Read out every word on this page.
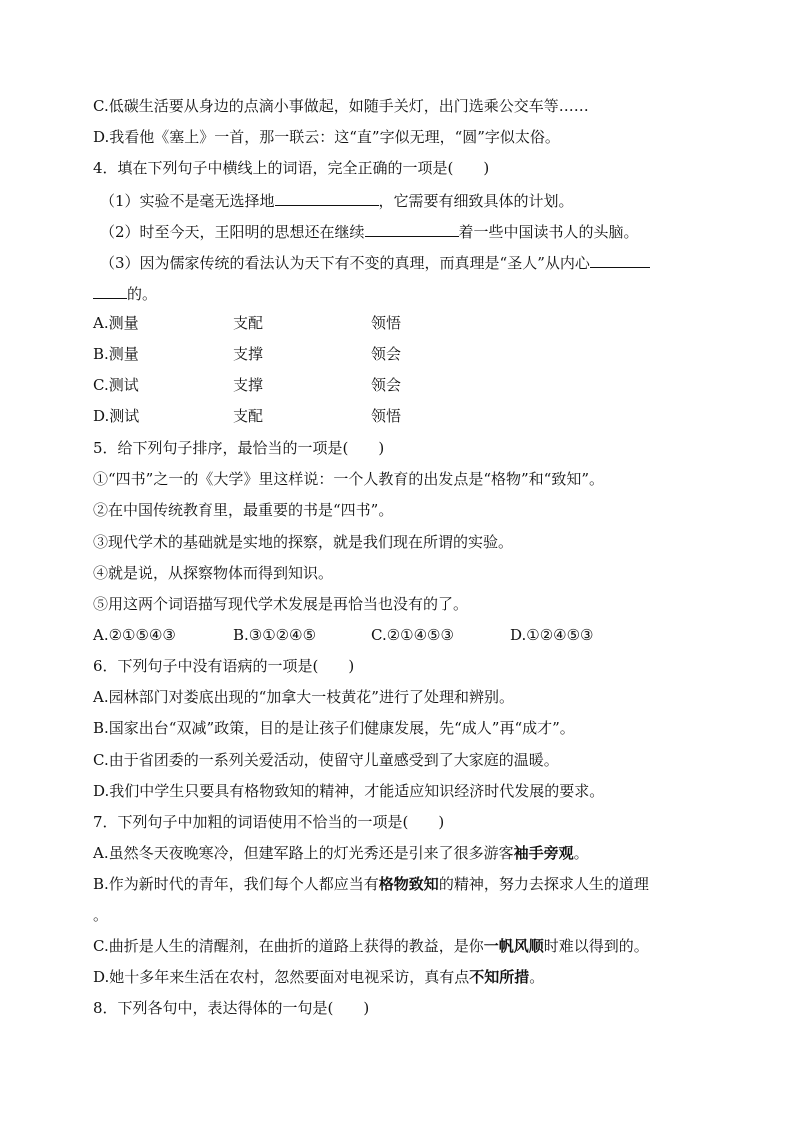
C.低碳生活要从身边的点滴小事做起，如随手关灯，出门选乘公交车等……
D.我看他《塞上》一首，那一联云：这“直”字似无理，“圆”字似太俗。
4．填在下列句子中横线上的词语，完全正确的一项是(　　)
（1）实验不是毫无选择地	，它需要有细致具体的计划。
（2）时至今天，王阳明的思想还在继续	着一些中国读书人的头脑。
（3）因为儒家传统的看法认为天下有不变的真理，而真理是“圣人”从内心
的。
A.测量	支配	领悟
B.测量	支撑	领会
C.测试	支撑	领会
D.测试	支配	领悟
5．给下列句子排序，最恰当的一项是(　　)
①“四书”之一的《大学》里这样说：一个人教育的出发点是“格物”和“致知”。
②在中国传统教育里，最重要的书是“四书”。
③现代学术的基础就是实地的探察，就是我们现在所谓的实验。
④就是说，从探察物体而得到知识。
⑤用这两个词语描写现代学术发展是再恰当也没有的了。
A.②①⑤④③	B.③①②④⑤	C.②①④⑤③	D.①②④⑤③
6．下列句子中没有语病的一项是(　　)
A.园林部门对娄底出现的“加拿大一枝黄花”进行了处理和辨别。
B.国家出台“双减”政策，目的是让孩子们健康发展，先“成人”再“成才”。
C.由于省团委的一系列关爱活动，使留守儿童感受到了大家庭的温暖。
D.我们中学生只要具有格物致知的精神，才能适应知识经济时代发展的要求。
7．下列句子中加粗的词语使用不恰当的一项是(　　)
A.虽然冬天夜晚寒冷，但建军路上的灯光秀还是引来了很多游客袖手旁观。
B.作为新时代的青年，我们每个人都应当有格物致知的精神，努力去探求人生的道理
。
C.曲折是人生的清醒剂，在曲折的道路上获得的教益，是你一帆风顺时难以得到的。
D.她十多年来生活在农村，忽然要面对电视采访，真有点不知所措。
8．下列各句中，表达得体的一句是(　　)
